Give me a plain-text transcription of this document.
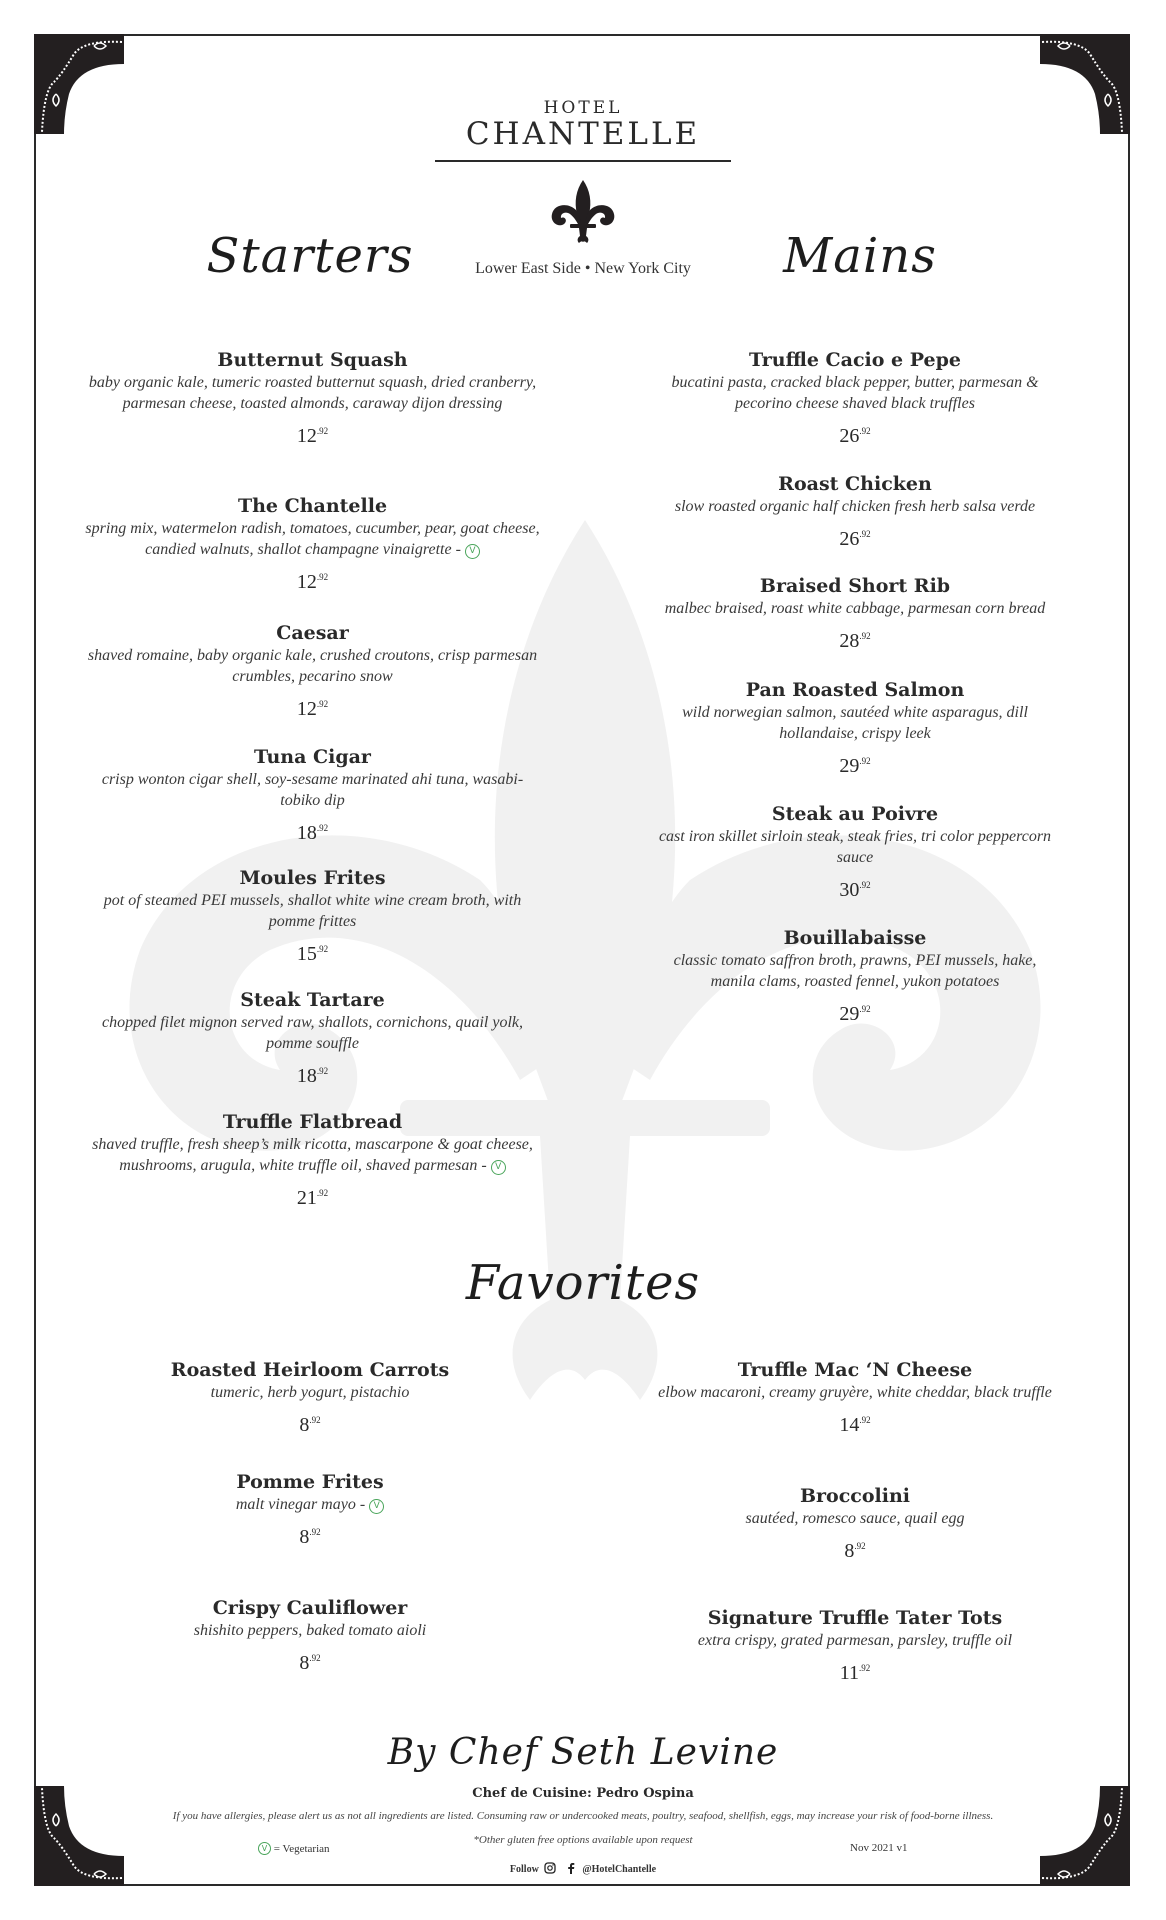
HOTEL
CHANTELLE
Lower East Side • New York City
Starters	Mains
Favorites
Butternut Squash
baby organic kale, tumeric roasted butternut squash, dried cranberry, parmesan cheese, toasted almonds, caraway dijon dressing
$12^{.92}$
The Chantelle
spring mix, watermelon radish, tomatoes, cucumber, pear, goat cheese, candied walnuts, shallot champagne vinaigrette - V
$12^{.92}$
Caesar
shaved romaine, baby organic kale, crushed croutons, crisp parmesan crumbles, pecarino snow
$12^{.92}$
Tuna Cigar
crisp wonton cigar shell, soy-sesame marinated ahi tuna, wasabi-tobiko dip
$18^{.92}$
Moules Frites
pot of steamed PEI mussels, shallot white wine cream broth, with pomme frittes
$15^{.92}$
Steak Tartare
chopped filet mignon served raw, shallots, cornichons, quail yolk, pomme souffle
$18^{.92}$
Truffle Flatbread
shaved truffle, fresh sheep’s milk ricotta, mascarpone & goat cheese, mushrooms, arugula, white truffle oil, shaved parmesan - V
$21^{.92}$
Truffle Cacio e Pepe
bucatini pasta, cracked black pepper, butter, parmesan & pecorino cheese shaved black truffles
$26^{.92}$
Roast Chicken
slow roasted organic half chicken fresh herb salsa verde
$26^{.92}$
Braised Short Rib
malbec braised, roast white cabbage, parmesan corn bread
$28^{.92}$
Pan Roasted Salmon
wild norwegian salmon, sautéed white asparagus, dill hollandaise, crispy leek
$29^{.92}$
Steak au Poivre
cast iron skillet sirloin steak, steak fries, tri color peppercorn sauce
$30^{.92}$
Bouillabaisse
classic tomato saffron broth, prawns, PEI mussels, hake, manila clams, roasted fennel, yukon potatoes
$29^{.92}$
Roasted Heirloom Carrots
tumeric, herb yogurt, pistachio
$8^{.92}$
Pomme Frites
malt vinegar mayo - V
$8^{.92}$
Crispy Cauliflower
shishito peppers, baked tomato aioli
$8^{.92}$
Truffle Mac ‘N Cheese
elbow macaroni, creamy gruyère, white cheddar, black truffle
$14^{.92}$
Broccolini
sautéed, romesco sauce, quail egg
$8^{.92}$
Signature Truffle Tater Tots
extra crispy, grated parmesan, parsley, truffle oil
$11^{.92}$
By Chef Seth Levine
Chef de Cuisine: Pedro Ospina
If you have allergies, please alert us as not all ingredients are listed. Consuming raw or undercooked meats, poultry, seafood, shellfish, eggs, may increase your risk of food-borne illness.
*Other gluten free options available upon request
V = Vegetarian
Follow	@HotelChantelle
Nov 2021 v1
